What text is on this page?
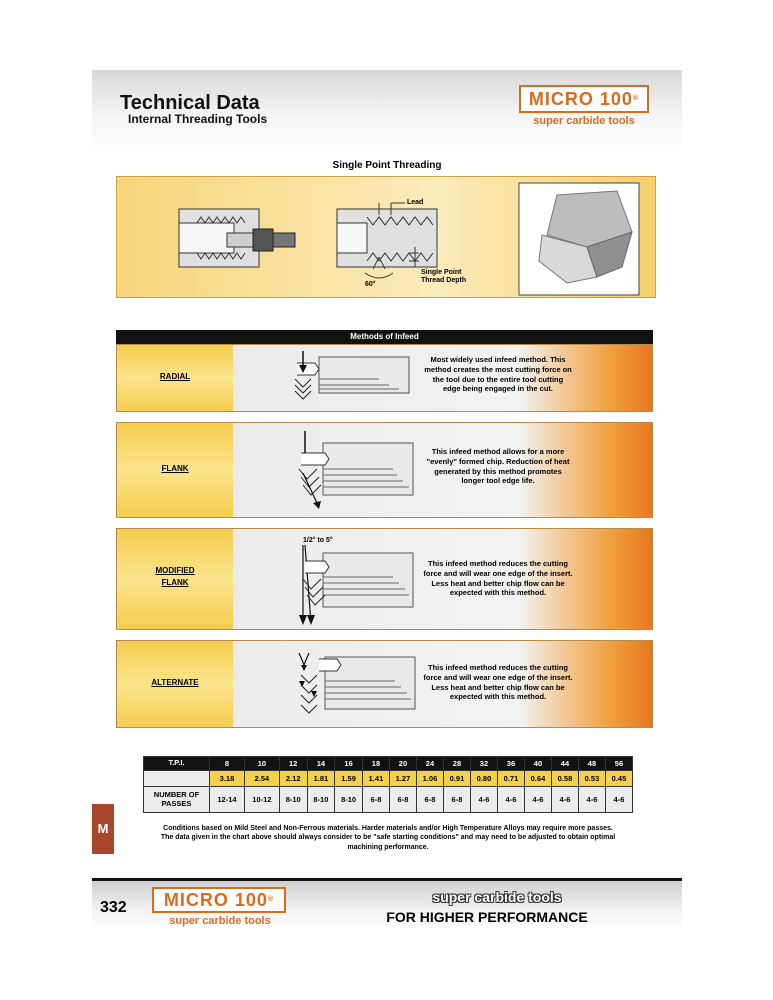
Technical Data
Internal Threading Tools
MICRO 100®
super carbide tools
Single Point Threading
Lead
60°
Single Point
Thread Depth
Methods of Infeed
RADIAL
Most widely used infeed method. This
method creates the most cutting force on
the tool due to the entire tool cutting
edge being engaged in the cut.
FLANK
This infeed method allows for a more
"evenly" formed chip. Reduction of heat
generated by this method promotes
longer tool edge life.
MODIFIED
FLANK
1/2° to 5°
This infeed method reduces the cutting
force and will wear one edge of the insert.
Less heat and better chip flow can be
expected with this method.
ALTERNATE
This infeed method reduces the cutting
force and will wear one edge of the insert.
Less heat and better chip flow can be
expected with this method.
T.P.I.	8	10	12	14	16	18	20	24	28	32	36	40	44	48	56
	3.18	2.54	2.12	1.81	1.59	1.41	1.27	1.06	0.91	0.80	0.71	0.64	0.58	0.53	0.45

NUMBER OF
PASSES	12-14	10-12	8-10	8-10	8-10	6-8	6-8	6-8	6-8	4-6	4-6	4-6	4-6	4-6	4-6
M	Conditions based on Mild Steel and Non-Ferrous materials. Harder materials and/or High Temperature Alloys may require more passes.
The data given in the chart above should always consider to be "safe starting conditions" and may need to be adjusted to obtain optimal
machining performance.
332	MICRO 100®
super carbide tools
super carbide tools
FOR HIGHER PERFORMANCE
